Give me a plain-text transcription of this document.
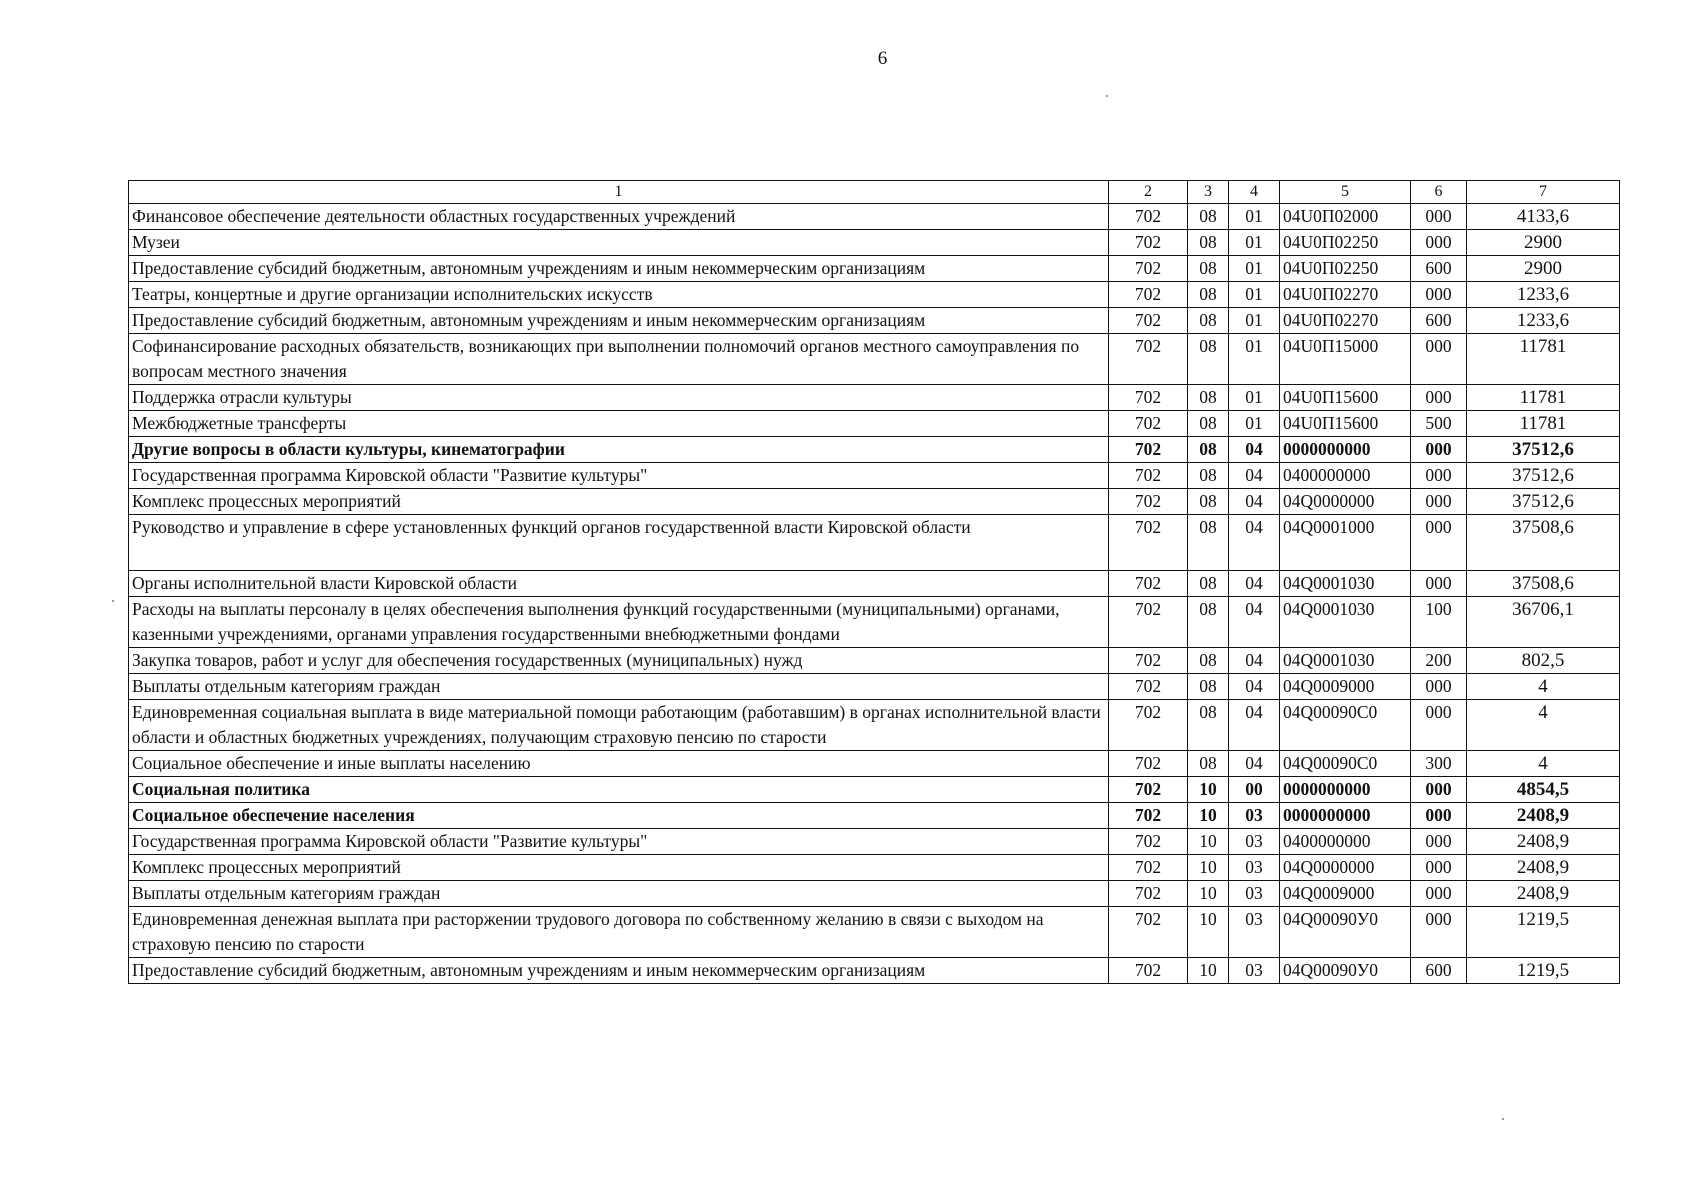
6
1	2	3	4	5	6	7
Финансовое обеспечение деятельности областных государственных учреждений	702	08	01	04U0П02000	000	4133,6
Музеи	702	08	01	04U0П02250	000	2900
Предоставление субсидий бюджетным, автономным учреждениям и иным некоммерческим организациям	702	08	01	04U0П02250	600	2900
Театры, концертные и другие организации исполнительских искусств	702	08	01	04U0П02270	000	1233,6
Предоставление субсидий бюджетным, автономным учреждениям и иным некоммерческим организациям	702	08	01	04U0П02270	600	1233,6
Софинансирование расходных обязательств, возникающих при выполнении полномочий органов местного самоуправления по вопросам местного значения	702	08	01	04U0П15000	000	11781
Поддержка отрасли культуры	702	08	01	04U0П15600	000	11781
Межбюджетные трансферты	702	08	01	04U0П15600	500	11781
Другие вопросы в области культуры, кинематографии	702	08	04	0000000000	000	37512,6
Государственная программа Кировской области "Развитие культуры"	702	08	04	0400000000	000	37512,6
Комплекс процессных мероприятий	702	08	04	04Q0000000	000	37512,6
Руководство и управление в сфере установленных функций органов государственной власти Кировской области	702	08	04	04Q0001000	000	37508,6
Органы исполнительной власти Кировской области	702	08	04	04Q0001030	000	37508,6
Расходы на выплаты персоналу в целях обеспечения выполнения функций государственными (муниципальными) органами, казенными учреждениями, органами управления государственными внебюджетными фондами	702	08	04	04Q0001030	100	36706,1
Закупка товаров, работ и услуг для обеспечения государственных (муниципальных) нужд	702	08	04	04Q0001030	200	802,5
Выплаты отдельным категориям граждан	702	08	04	04Q0009000	000	4
Единовременная социальная выплата в виде материальной помощи работающим (работавшим) в органах исполнительной власти области и областных бюджетных учреждениях, получающим страховую пенсию по старости	702	08	04	04Q00090C0	000	4
Социальное обеспечение и иные выплаты населению	702	08	04	04Q00090C0	300	4
Социальная политика	702	10	00	0000000000	000	4854,5
Социальное обеспечение населения	702	10	03	0000000000	000	2408,9
Государственная программа Кировской области "Развитие культуры"	702	10	03	0400000000	000	2408,9
Комплекс процессных мероприятий	702	10	03	04Q0000000	000	2408,9
Выплаты отдельным категориям граждан	702	10	03	04Q0009000	000	2408,9
Единовременная денежная выплата при расторжении трудового договора по собственному желанию в связи с выходом на страховую пенсию по старости	702	10	03	04Q00090У0	000	1219,5
Предоставление субсидий бюджетным, автономным учреждениям и иным некоммерческим организациям	702	10	03	04Q00090У0	600	1219,5
